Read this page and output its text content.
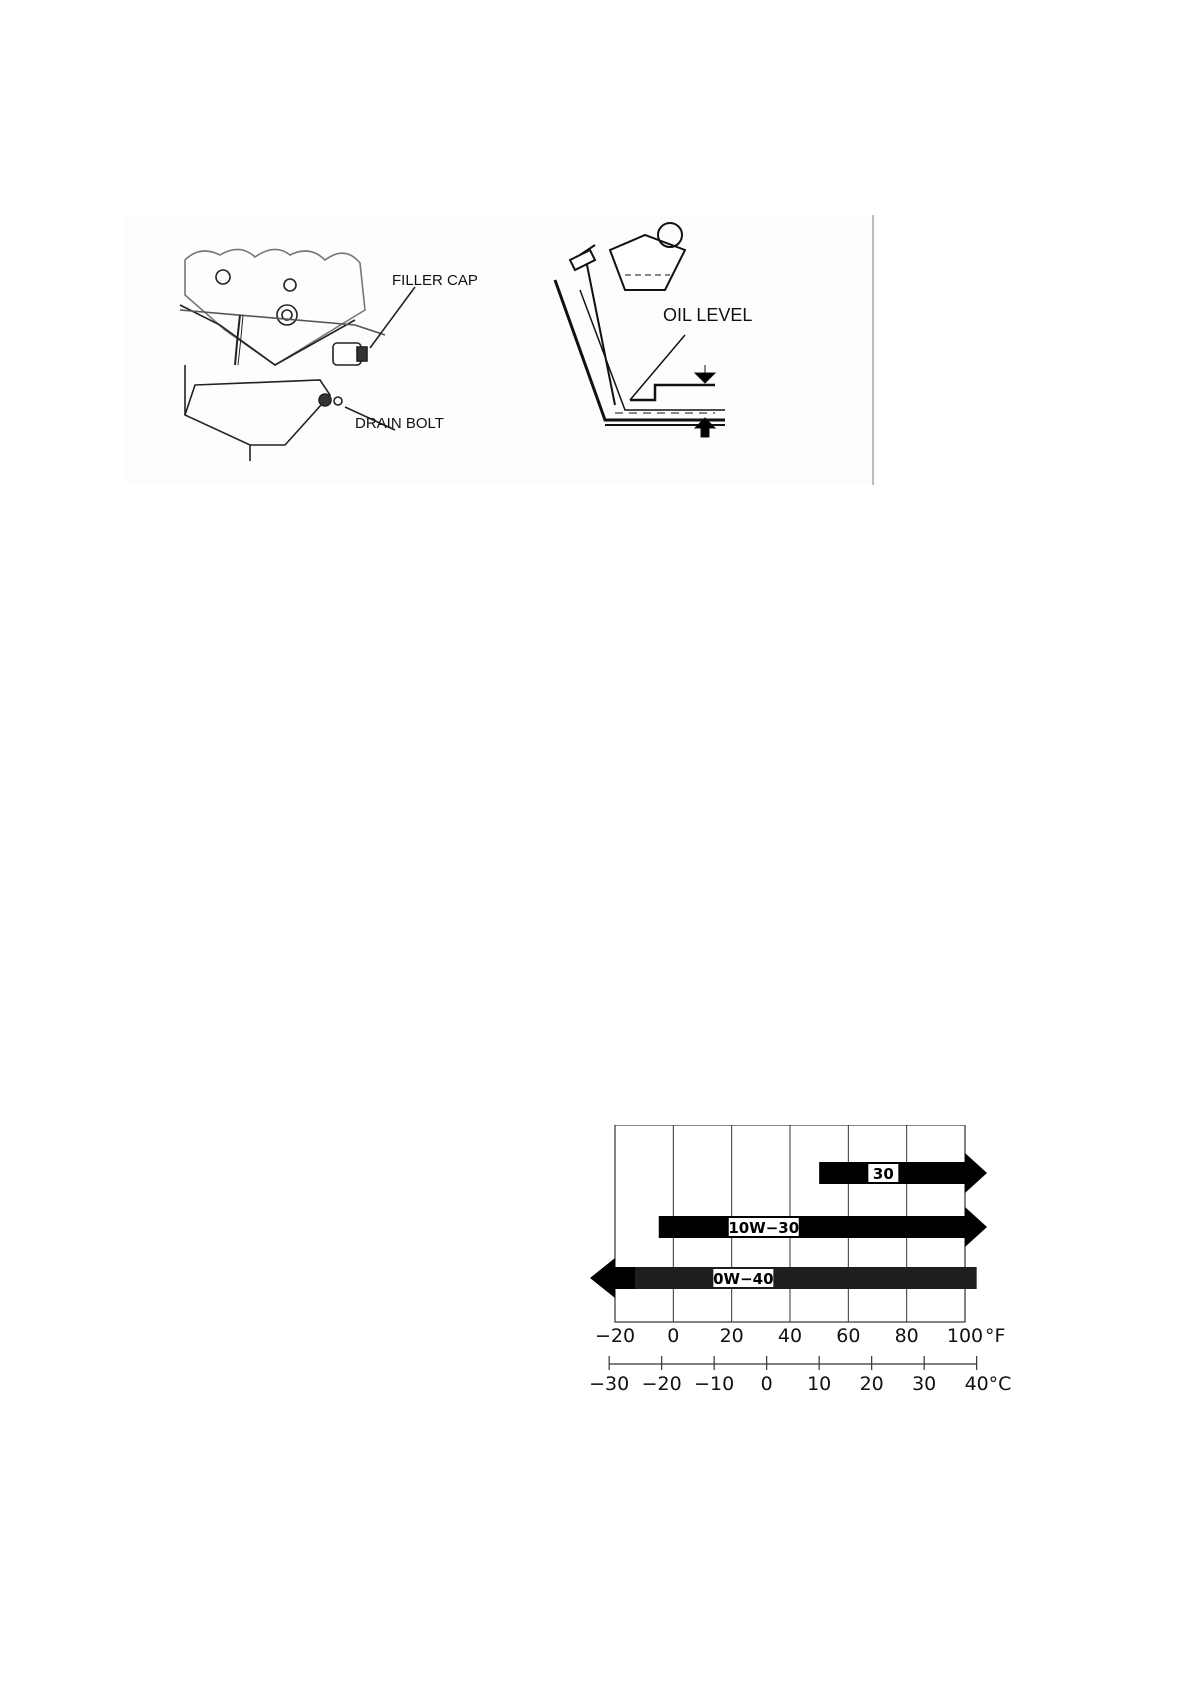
FILLER CAP
DRAIN BOLT
OIL LEVEL
30
10W−30
0W−40
−20 0 20 40 60 80 100 °F
−30 −20 −10 0 10 20 30 40 °C
